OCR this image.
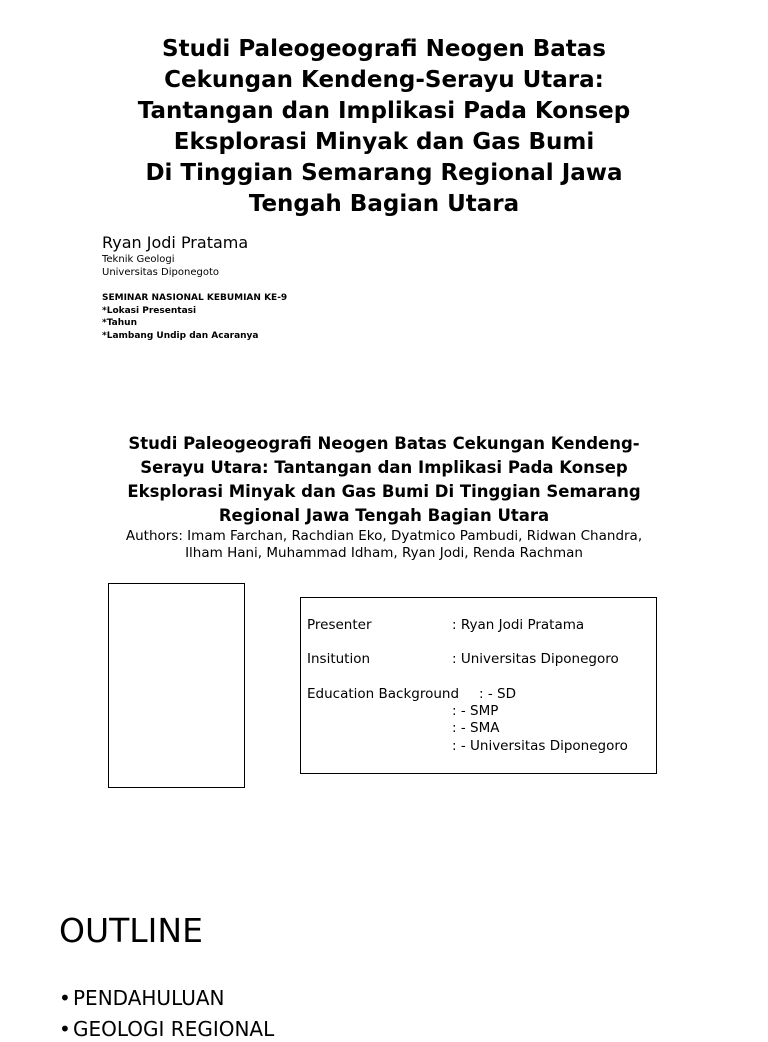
Studi Paleogeografi Neogen Batas
Cekungan Kendeng-Serayu Utara:
Tantangan dan Implikasi Pada Konsep
Eksplorasi Minyak dan Gas Bumi
Di Tinggian Semarang Regional Jawa
Tengah Bagian Utara
Ryan Jodi Pratama
Teknik Geologi
Universitas Diponegoto
SEMINAR NASIONAL KEBUMIAN KE-9
*Lokasi Presentasi
*Tahun
*Lambang Undip dan Acaranya
Studi Paleogeografi Neogen Batas Cekungan Kendeng-
Serayu Utara: Tantangan dan Implikasi Pada Konsep
Eksplorasi Minyak dan Gas Bumi Di Tinggian Semarang
Regional Jawa Tengah Bagian Utara
Authors: Imam Farchan, Rachdian Eko, Dyatmico Pambudi, Ridwan Chandra,
Ilham Hani, Muhammad Idham, Ryan Jodi, Renda Rachman
Presenter	: Ryan Jodi Pratama
Insitution	: Universitas Diponegoro
Education Background : - SD
: - SMP
: - SMA
: - Universitas Diponegoro
OUTLINE
• PENDAHULUAN
• GEOLOGI REGIONAL
